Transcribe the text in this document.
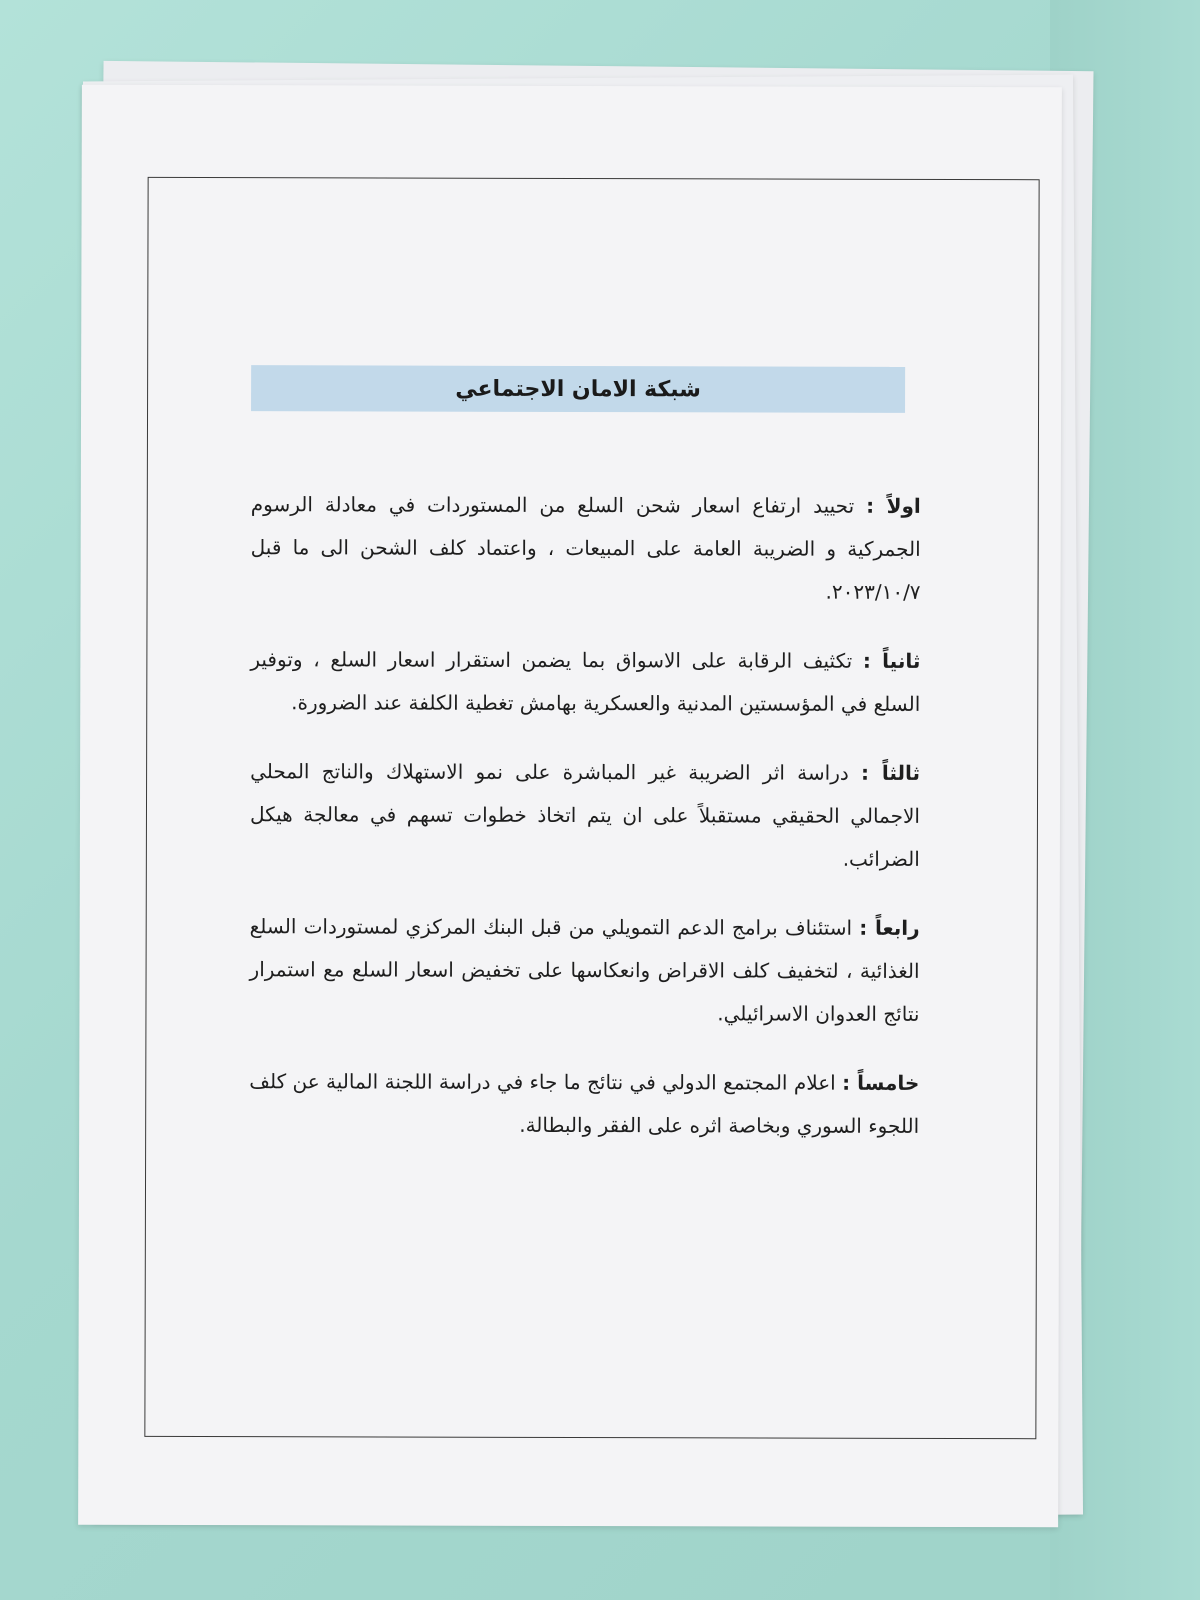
شبكة الامان الاجتماعي

اولاً : تحييد ارتفاع اسعار شحن السلع من المستوردات في معادلة الرسوم الجمركية و الضريبة العامة على المبيعات ، واعتماد كلف الشحن الى ما قبل ٢٠٢٣/١٠/٧.

ثانياً : تكثيف الرقابة على الاسواق بما يضمن استقرار اسعار السلع ، وتوفير السلع في المؤسستين المدنية والعسكرية بهامش تغطية الكلفة عند الضرورة.

ثالثاً : دراسة اثر الضريبة غير المباشرة على نمو الاستهلاك والناتج المحلي الاجمالي الحقيقي مستقبلاً على ان يتم اتخاذ خطوات تسهم في معالجة هيكل الضرائب.

رابعاً : استئناف برامج الدعم التمويلي من قبل البنك المركزي لمستوردات السلع الغذائية ، لتخفيف كلف الاقراض وانعكاسها على تخفيض اسعار السلع مع استمرار نتائج العدوان الاسرائيلي.

خامساً : اعلام المجتمع الدولي في نتائج ما جاء في دراسة اللجنة المالية عن كلف اللجوء السوري وبخاصة اثره على الفقر والبطالة.
